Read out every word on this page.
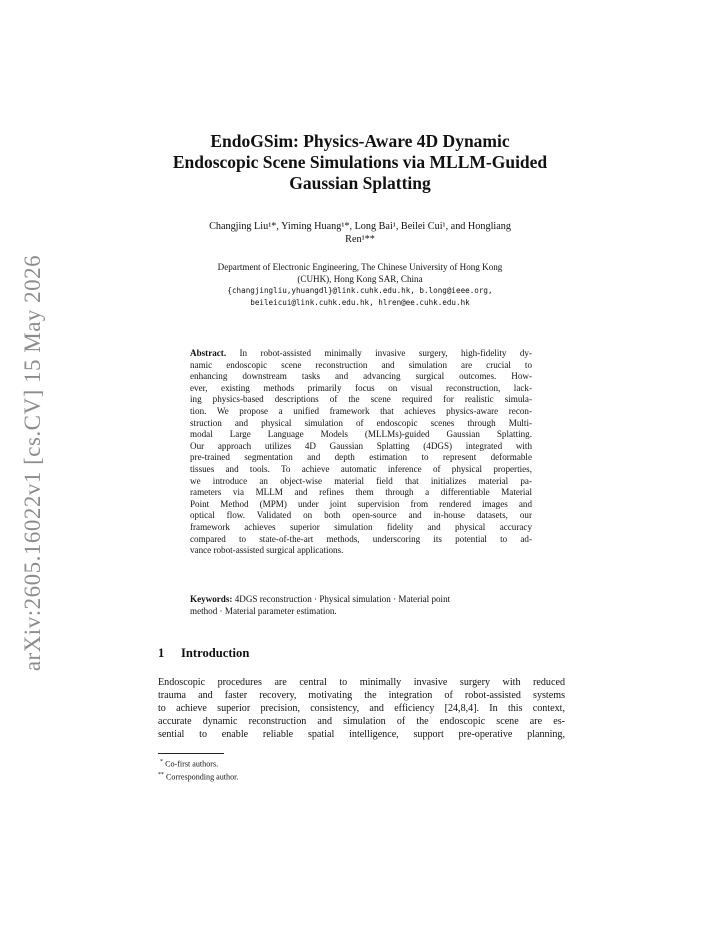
arXiv:2605.16022v1 [cs.CV] 15 May 2026
EndoGSim: Physics-Aware 4D Dynamic
Endoscopic Scene Simulations via MLLM-Guided
Gaussian Splatting
Changjing Liu¹*, Yiming Huang¹*, Long Bai¹, Beilei Cui¹, and Hongliang
Ren¹**
Department of Electronic Engineering, The Chinese University of Hong Kong
(CUHK), Hong Kong SAR, China
{changjingliu,yhuangdl}@link.cuhk.edu.hk, b.long@ieee.org,
beileicui@link.cuhk.edu.hk, hlren@ee.cuhk.edu.hk
Abstract. In robot-assisted minimally invasive surgery, high-fidelity dy-
namic endoscopic scene reconstruction and simulation are crucial to
enhancing downstream tasks and advancing surgical outcomes. How-
ever, existing methods primarily focus on visual reconstruction, lack-
ing physics-based descriptions of the scene required for realistic simula-
tion. We propose a unified framework that achieves physics-aware recon-
struction and physical simulation of endoscopic scenes through Multi-
modal Large Language Models (MLLMs)-guided Gaussian Splatting.
Our approach utilizes 4D Gaussian Splatting (4DGS) integrated with
pre-trained segmentation and depth estimation to represent deformable
tissues and tools. To achieve automatic inference of physical properties,
we introduce an object-wise material field that initializes material pa-
rameters via MLLM and refines them through a differentiable Material
Point Method (MPM) under joint supervision from rendered images and
optical flow. Validated on both open-source and in-house datasets, our
framework achieves superior simulation fidelity and physical accuracy
compared to state-of-the-art methods, underscoring its potential to ad-
vance robot-assisted surgical applications.
Keywords: 4DGS reconstruction · Physical simulation · Material point
method · Material parameter estimation.
1 Introduction
Endoscopic procedures are central to minimally invasive surgery with reduced
trauma and faster recovery, motivating the integration of robot-assisted systems
to achieve superior precision, consistency, and efficiency [24,8,4]. In this context,
accurate dynamic reconstruction and simulation of the endoscopic scene are es-
sential to enable reliable spatial intelligence, support pre-operative planning,
* Co-first authors.
** Corresponding author.
